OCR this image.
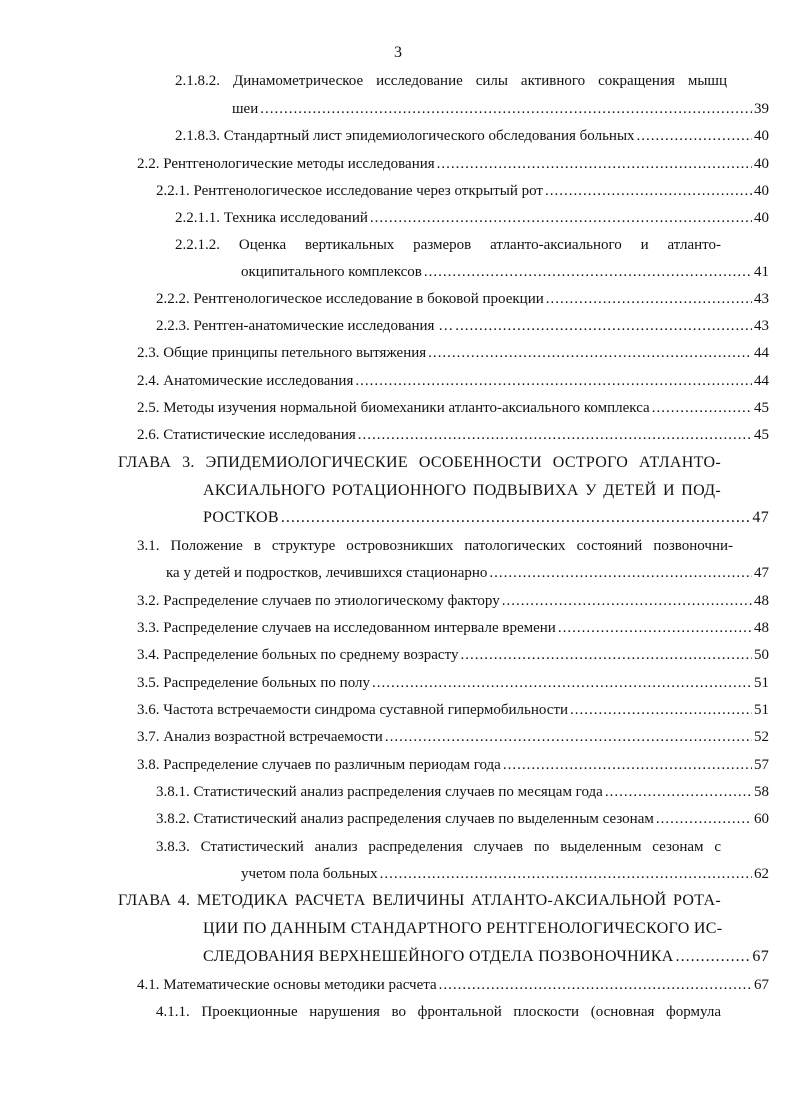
3
2.1.8.2. Динамометрическое исследование силы активного сокращения мышц
шеи .....	39
2.1.8.3. Стандартный лист эпидемиологического обследования больных .....	40
2.2. Рентгенологические методы исследования .....	40
2.2.1. Рентгенологическое исследование через открытый рот .....	40
2.2.1.1. Техника исследований .....	40
2.2.1.2. Оценка вертикальных размеров атланто-аксиального и атланто-
окципитального комплексов .....	41
2.2.2. Рентгенологическое исследование в боковой проекции .....	43
2.2.3. Рентген-анатомические исследования … .....	43
2.3. Общие принципы петельного вытяжения .....	44
2.4. Анатомические исследования .....	44
2.5. Методы изучения нормальной биомеханики атланто-аксиального комплекса .....	45
2.6. Статистические исследования .....	45
ГЛАВА 3. ЭПИДЕМИОЛОГИЧЕСКИЕ ОСОБЕННОСТИ ОСТРОГО АТЛАНТО-
АКСИАЛЬНОГО РОТАЦИОННОГО ПОДВЫВИХА У ДЕТЕЙ И ПОД-
РОСТКОВ .....	47
3.1. Положение в структуре островозникших патологических состояний позвоночни-
ка у детей и подростков, лечившихся стационарно .....	47
3.2. Распределение случаев по этиологическому фактору .....	48
3.3. Распределение случаев на исследованном интервале времени .....	48
3.4. Распределение больных по среднему возрасту .....	50
3.5. Распределение больных по полу .....	51
3.6. Частота встречаемости синдрома суставной гипермобильности .....	51
3.7. Анализ возрастной встречаемости .....	52
3.8. Распределение случаев по различным периодам года .....	57
3.8.1. Статистический анализ распределения случаев по месяцам года .....	58
3.8.2. Статистический анализ распределения случаев по выделенным сезонам .....	60
3.8.3. Статистический анализ распределения случаев по выделенным сезонам с
учетом пола больных .....	62
ГЛАВА 4. МЕТОДИКА РАСЧЕТА ВЕЛИЧИНЫ АТЛАНТО-АКСИАЛЬНОЙ РОТА-
ЦИИ ПО ДАННЫМ СТАНДАРТНОГО РЕНТГЕНОЛОГИЧЕСКОГО ИС-
СЛЕДОВАНИЯ ВЕРХНЕШЕЙНОГО ОТДЕЛА ПОЗВОНОЧНИКА .....	67
4.1. Математические основы методики расчета .....	67
4.1.1. Проекционные нарушения во фронтальной плоскости (основная формула
